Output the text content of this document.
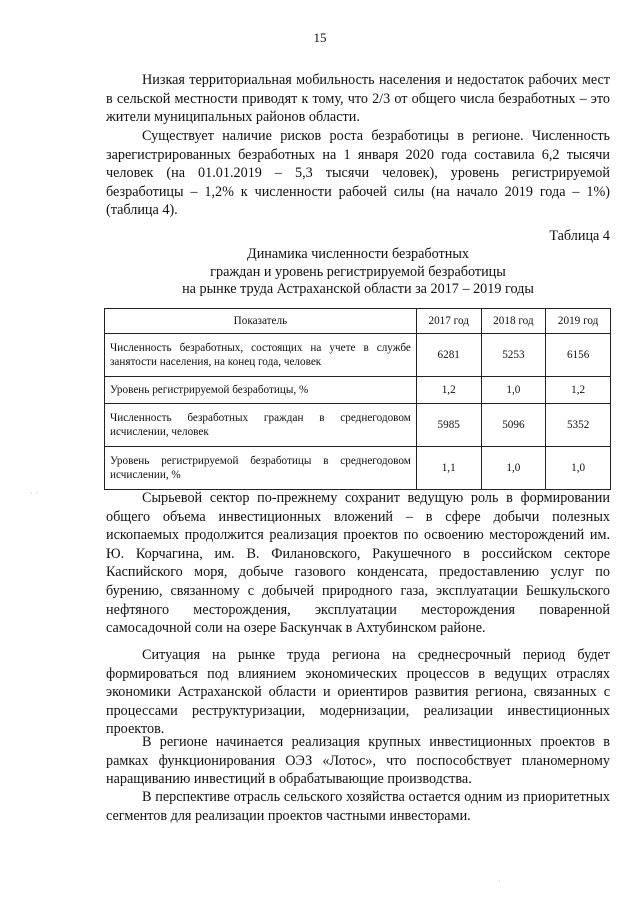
15

Низкая территориальная мобильность населения и недостаток рабочих мест в сельской местности приводят к тому, что 2/3 от общего числа безработных – это жители муниципальных районов области.

Существует наличие рисков роста безработицы в регионе. Численность зарегистрированных безработных на 1 января 2020 года составила 6,2 тысячи человек (на 01.01.2019 – 5,3 тысячи человек), уровень регистрируемой безработицы – 1,2% к численности рабочей силы (на начало 2019 года – 1%) (таблица 4).

Таблица 4
Динамика численности безработных
граждан и уровень регистрируемой безработицы
на рынке труда Астраханской области за 2017 – 2019 годы
Показатель	2017 год	2018 год	2019 год
Численность безработных, состоящих на учете в службе занятости населения, на конец года, человек	6281	5253	6156
Уровень регистрируемой безработицы, %	1,2	1,0	1,2
Численность безработных граждан в среднегодовом исчислении, человек	5985	5096	5352
Уровень регистрируемой безработицы в среднегодовом исчислении, %	1,1	1,0	1,0
· ·	Сырьевой сектор по-прежнему сохранит ведущую роль в формировании общего объема инвестиционных вложений – в сфере добычи полезных ископаемых продолжится реализация проектов по освоению месторождений им. Ю. Корчагина, им. В. Филановского, Ракушечного в российском секторе Каспийского моря, добыче газового конденсата, предоставлению услуг по бурению, связанному с добычей природного газа, эксплуатации Бешкульского нефтяного месторождения, эксплуатации месторождения поваренной самосадочной соли на озере Баскунчак в Ахтубинском районе.

Ситуация на рынке труда региона на среднесрочный период будет формироваться под влиянием экономических процессов в ведущих отраслях экономики Астраханской области и ориентиров развития региона, связанных с процессами реструктуризации, модернизации, реализации инвестиционных проектов.

В регионе начинается реализация крупных инвестиционных проектов в рамках функционирования ОЭЗ «Лотос», что поспособствует планомерному наращиванию инвестиций в обрабатывающие производства.

В перспективе отрасль сельского хозяйства остается одним из приоритетных сегментов для реализации проектов частными инвесторами.

·
